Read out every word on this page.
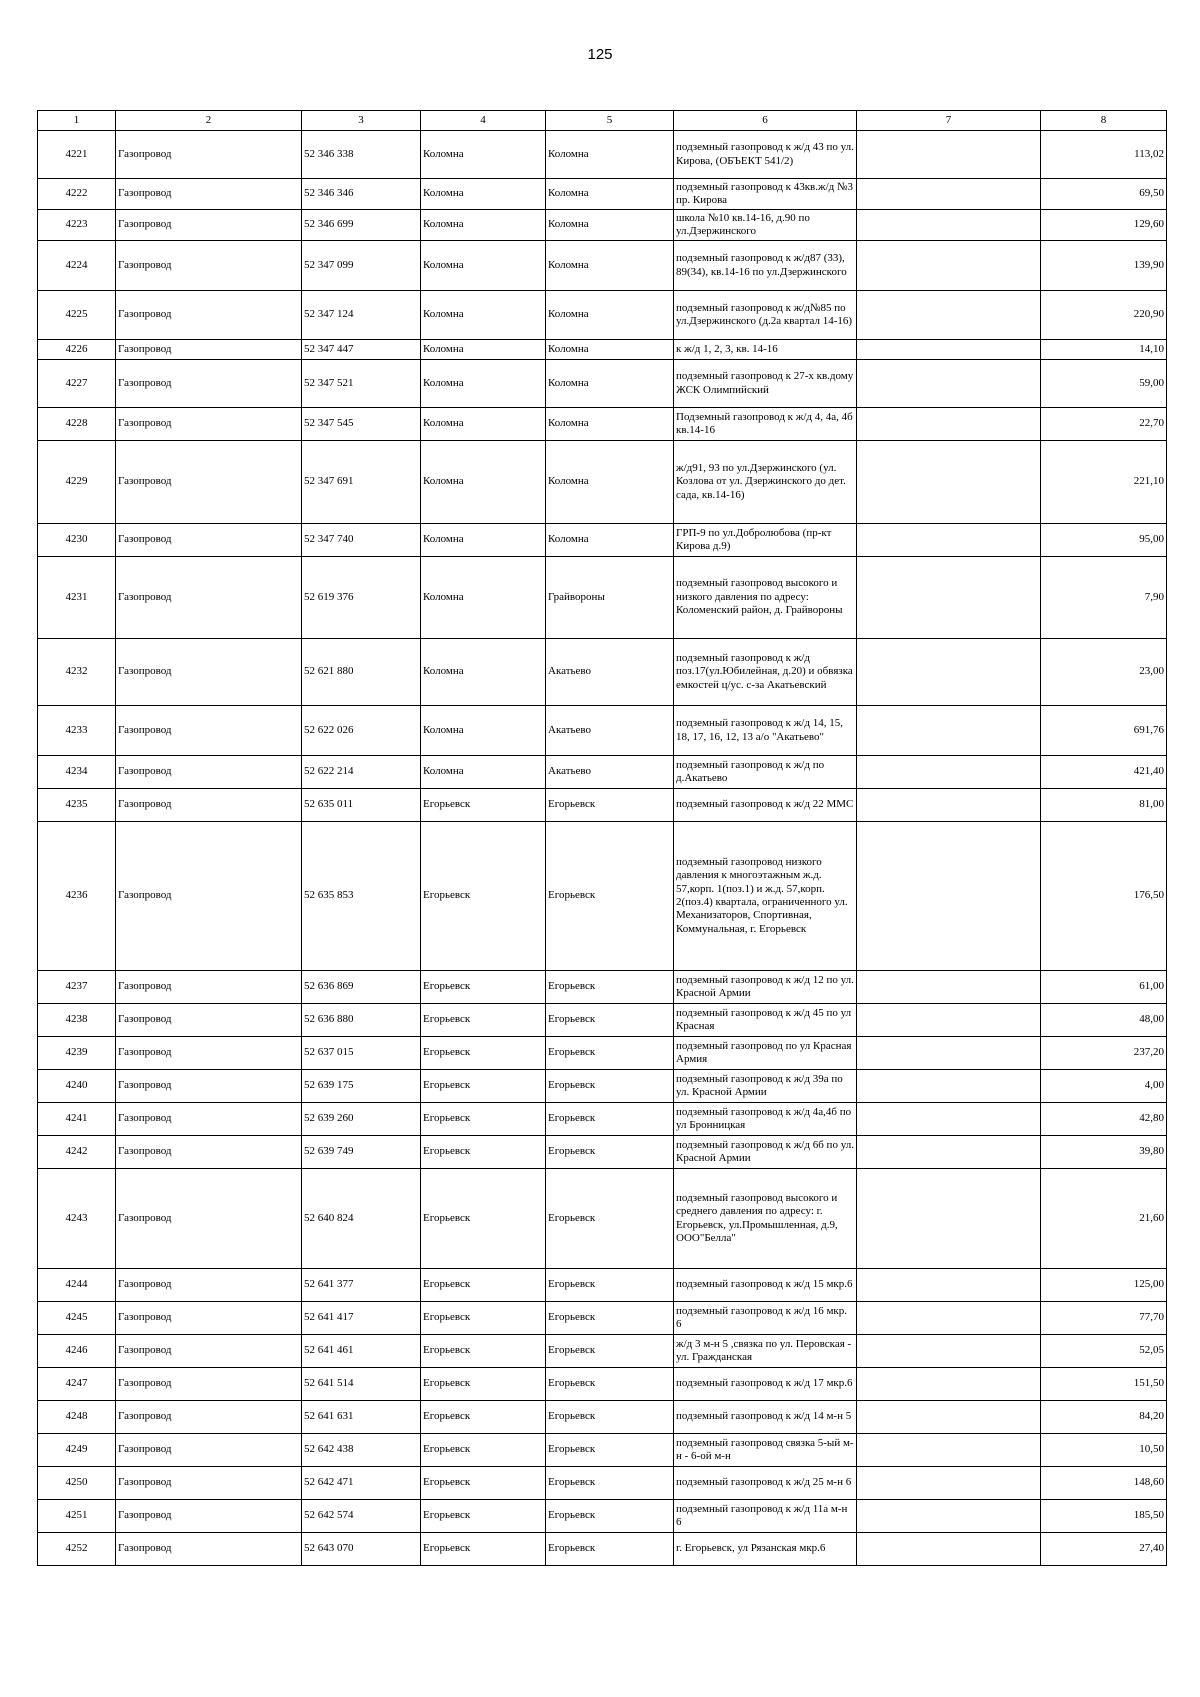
125
1	2	3	4	5	6	7	8
4221	Газопровод	52 346 338	Коломна	Коломна	подземный газопровод к ж/д 43 по ул. Кирова, (ОБЪЕКТ 541/2)		113,02
4222	Газопровод	52 346 346	Коломна	Коломна	подземный газопровод к 43кв.ж/д №3 пр. Кирова		69,50
4223	Газопровод	52 346 699	Коломна	Коломна	школа №10 кв.14-16, д.90 по ул.Дзержинского		129,60
4224	Газопровод	52 347 099	Коломна	Коломна	подземный газопровод к ж/д87 (33), 89(34), кв.14-16 по ул.Дзержинского		139,90
4225	Газопровод	52 347 124	Коломна	Коломна	подземный газопровод к ж/д№85 по ул.Дзержинского (д.2а квартал 14-16)		220,90
4226	Газопровод	52 347 447	Коломна	Коломна	к ж/д 1, 2, 3, кв. 14-16		14,10
4227	Газопровод	52 347 521	Коломна	Коломна	подземный газопровод к 27-х кв.дому ЖСК Олимпийский		59,00
4228	Газопровод	52 347 545	Коломна	Коломна	Подземный газопровод к ж/д 4, 4а, 4б кв.14-16		22,70
4229	Газопровод	52 347 691	Коломна	Коломна	ж/д91, 93 по ул.Дзержинского (ул. Козлова от ул. Дзержинского до дет. сада, кв.14-16)		221,10
4230	Газопровод	52 347 740	Коломна	Коломна	ГРП-9 по ул.Добролюбова (пр-кт Кирова д.9)		95,00
4231	Газопровод	52 619 376	Коломна	Грайвороны	подземный газопровод высокого и низкого давления по адресу: Коломенский район, д. Грайвороны		7,90
4232	Газопровод	52 621 880	Коломна	Акатьево	подземный газопровод к ж/д поз.17(ул.Юбилейная, д.20) и обвязка емкостей ц/ус. с-за Акатьевский		23,00
4233	Газопровод	52 622 026	Коломна	Акатьево	подземный газопровод к ж/д 14, 15, 18, 17, 16, 12, 13 а/о "Акатьево"		691,76
4234	Газопровод	52 622 214	Коломна	Акатьево	подземный газопровод к ж/д по д.Акатьево		421,40
4235	Газопровод	52 635 011	Егорьевск	Егорьевск	подземный газопровод к ж/д 22 ММС		81,00
4236	Газопровод	52 635 853	Егорьевск	Егорьевск	подземный газопровод низкого давления к многоэтажным ж.д. 57,корп. 1(поз.1) и ж.д. 57,корп. 2(поз.4) квартала, ограниченного ул. Механизаторов, Спортивная, Коммунальная, г. Егорьевск		176,50
4237	Газопровод	52 636 869	Егорьевск	Егорьевск	подземный газопровод к ж/д 12 по ул. Красной Армии		61,00
4238	Газопровод	52 636 880	Егорьевск	Егорьевск	подземный газопровод к ж/д 45 по ул Красная		48,00
4239	Газопровод	52 637 015	Егорьевск	Егорьевск	подземный газопровод по ул Красная Армия		237,20
4240	Газопровод	52 639 175	Егорьевск	Егорьевск	подземный газопровод к ж/д 39а по ул. Красной Армии		4,00
4241	Газопровод	52 639 260	Егорьевск	Егорьевск	подземный газопровод к ж/д 4а,4б по ул Бронницкая		42,80
4242	Газопровод	52 639 749	Егорьевск	Егорьевск	подземный газопровод к ж/д 6б по ул. Красной Армии		39,80
4243	Газопровод	52 640 824	Егорьевск	Егорьевск	подземный газопровод высокого и среднего давления по адресу: г. Егорьевск, ул.Промышленная, д.9, ООО"Белла"		21,60
4244	Газопровод	52 641 377	Егорьевск	Егорьевск	подземный газопровод к ж/д 15 мкр.6		125,00
4245	Газопровод	52 641 417	Егорьевск	Егорьевск	подземный газопровод к ж/д 16 мкр. 6		77,70
4246	Газопровод	52 641 461	Егорьевск	Егорьевск	ж/д 3 м-н 5 ,связка по ул. Перовская - ул. Гражданская		52,05
4247	Газопровод	52 641 514	Егорьевск	Егорьевск	подземный газопровод к ж/д 17 мкр.6		151,50
4248	Газопровод	52 641 631	Егорьевск	Егорьевск	подземный газопровод к ж/д 14 м-н 5		84,20
4249	Газопровод	52 642 438	Егорьевск	Егорьевск	подземный газопровод связка 5-ый м-н - 6-ой м-н		10,50
4250	Газопровод	52 642 471	Егорьевск	Егорьевск	подземный газопровод к ж/д 25 м-н 6		148,60
4251	Газопровод	52 642 574	Егорьевск	Егорьевск	подземный газопровод к ж/д 11а м-н 6		185,50
4252	Газопровод	52 643 070	Егорьевск	Егорьевск	г. Егорьевск, ул Рязанская мкр.6		27,40
